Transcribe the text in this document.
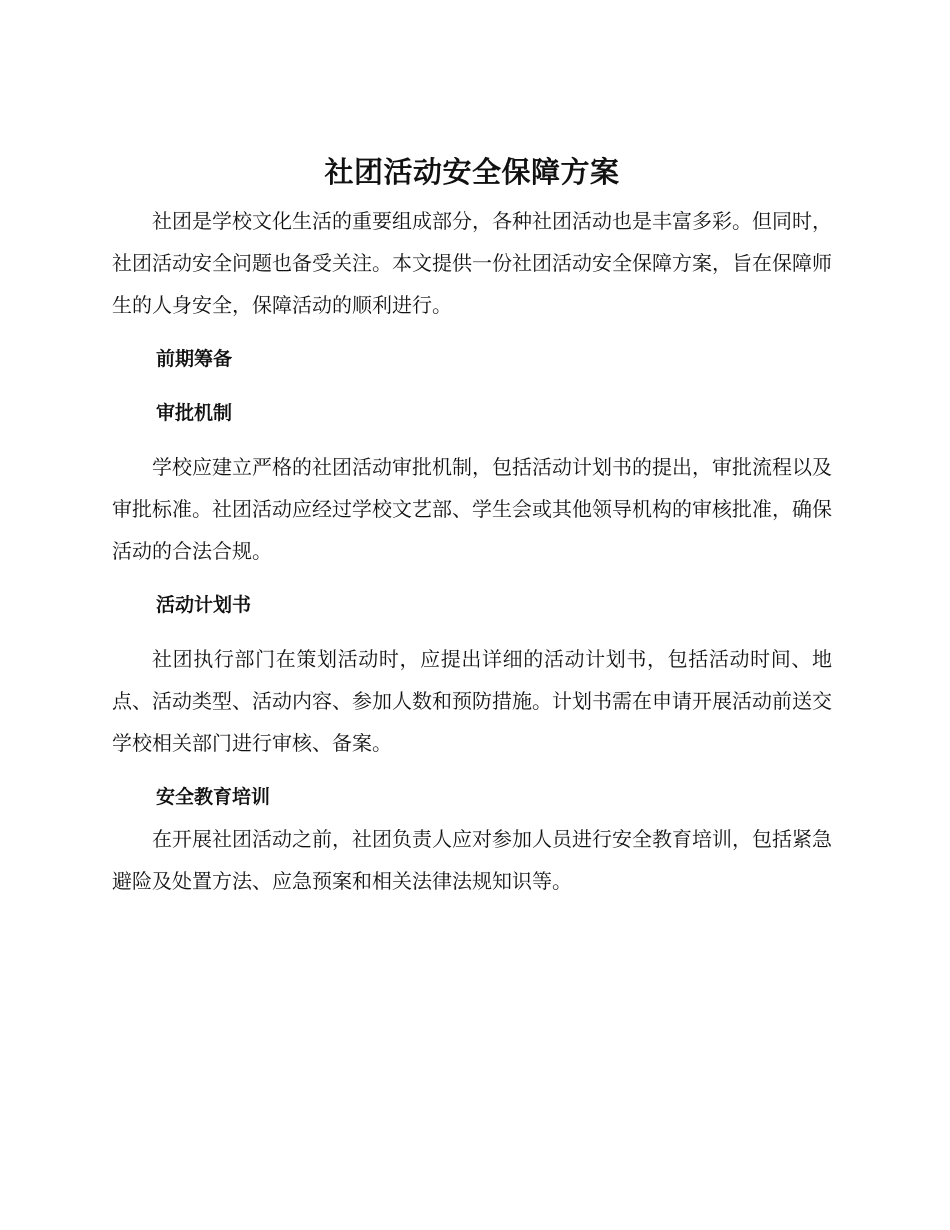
社团活动安全保障方案

社团是学校文化生活的重要组成部分，各种社团活动也是丰富多彩。但同时，社团活动安全问题也备受关注。本文提供一份社团活动安全保障方案，旨在保障师生的人身安全，保障活动的顺利进行。

前期筹备
审批机制

学校应建立严格的社团活动审批机制，包括活动计划书的提出，审批流程以及审批标准。社团活动应经过学校文艺部、学生会或其他领导机构的审核批准，确保活动的合法合规。

活动计划书

社团执行部门在策划活动时，应提出详细的活动计划书，包括活动时间、地点、活动类型、活动内容、参加人数和预防措施。计划书需在申请开展活动前送交学校相关部门进行审核、备案。

安全教育培训

在开展社团活动之前，社团负责人应对参加人员进行安全教育培训，包括紧急避险及处置方法、应急预案和相关法律法规知识等。
